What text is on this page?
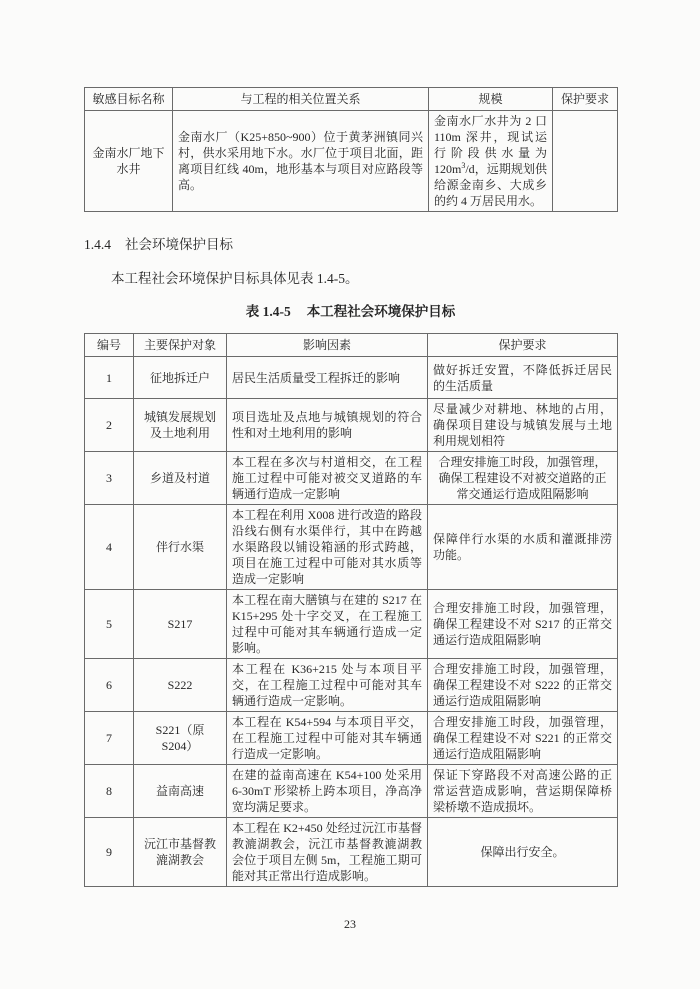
敏感目标名称	与工程的相关位置关系	规模	保护要求
金南水厂地下水井	金南水厂（K25+850~900）位于黄茅洲镇同兴村，供水采用地下水。水厂位于项目北面，距离项目红线 40m，地形基本与项目对应路段等高。	金南水厂水井为 2 口 110m 深井，现试运行阶段供水量为 $120m^3/d$，远期规划供给源金南乡、大成乡的约 4 万居民用水。	
1.4.4 社会环境保护目标

本工程社会环境保护目标具体见表 1.4-5。

表 1.4-5 本工程社会环境保护目标
编号	主要保护对象	影响因素	保护要求
1	征地拆迁户	居民生活质量受工程拆迁的影响	做好拆迁安置，不降低拆迁居民的生活质量
2	城镇发展规划及土地利用	项目选址及点地与城镇规划的符合性和对土地利用的影响	尽量减少对耕地、林地的占用，确保项目建设与城镇发展与土地利用规划相符
3	乡道及村道	本工程在多次与村道相交，在工程施工过程中可能对被交叉道路的车辆通行造成一定影响	合理安排施工时段，加强管理，确保工程建设不对被交道路的正常交通运行造成阻隔影响
4	伴行水渠	本工程在利用 X008 进行改造的路段沿线右侧有水渠伴行，其中在跨越水渠路段以铺设箱涵的形式跨越，项目在施工过程中可能对其水质等造成一定影响	保障伴行水渠的水质和灌溉排涝功能。
5	S217	本工程在南大膳镇与在建的 S217 在 K15+295 处十字交叉，在工程施工过程中可能对其车辆通行造成一定影响。	合理安排施工时段，加强管理，确保工程建设不对 S217 的正常交通运行造成阻隔影响
6	S222	本工程在 K36+215 处与本项目平交，在工程施工过程中可能对其车辆通行造成一定影响。	合理安排施工时段，加强管理，确保工程建设不对 S222 的正常交通运行造成阻隔影响
7	S221（原 S204）	本工程在 K54+594 与本项目平交，在工程施工过程中可能对其车辆通行造成一定影响。	合理安排施工时段，加强管理，确保工程建设不对 S221 的正常交通运行造成阻隔影响
8	益南高速	在建的益南高速在 K54+100 处采用 6-30mT 形梁桥上跨本项目，净高净宽均满足要求。	保证下穿路段不对高速公路的正常运营造成影响，营运期保障桥梁桥墩不造成损坏。
9	沅江市基督教漉湖教会	本工程在 K2+450 处经过沅江市基督教漉湖教会，沅江市基督教漉湖教会位于项目左侧 5m，工程施工期可能对其正常出行造成影响。	保障出行安全。
23
